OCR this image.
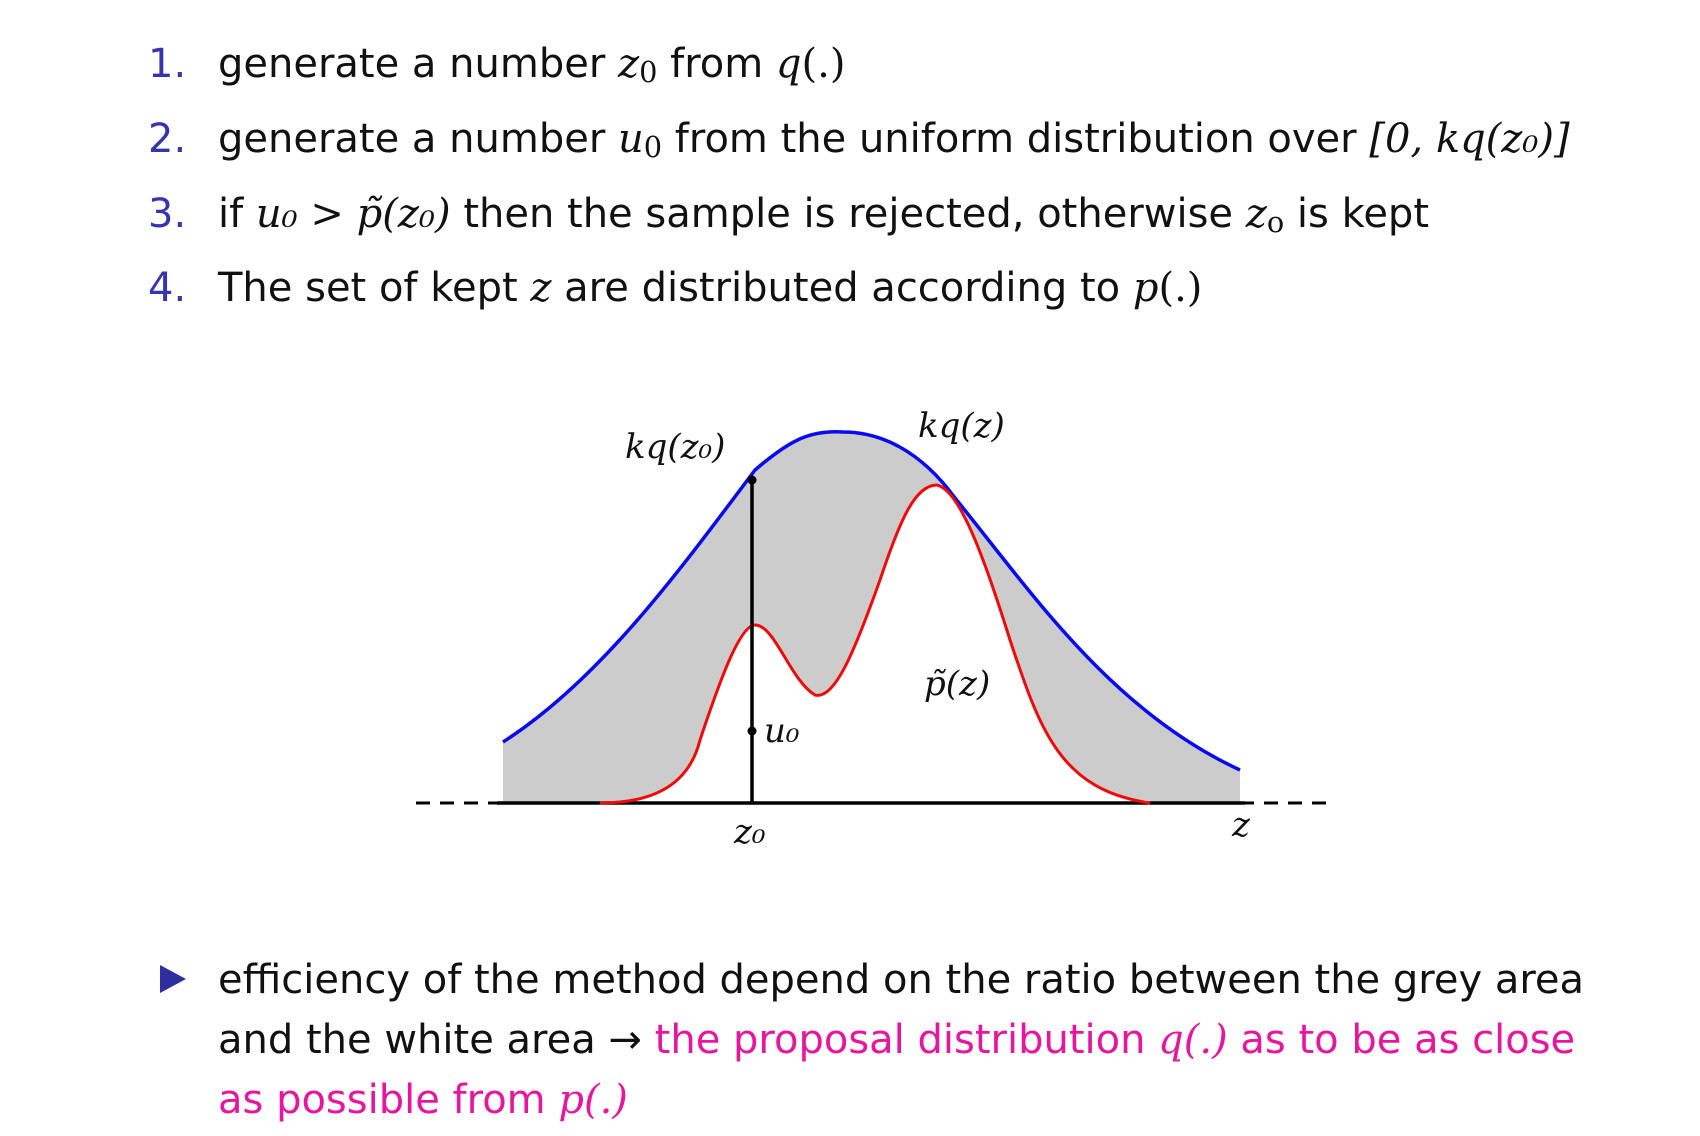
1. generate a number z0 from q(.)
2. generate a number u0 from the uniform distribution over [0, kq(z₀)]
3. if u₀ > p̃(z₀) then the sample is rejected, otherwise zo is kept
4. The set of kept z are distributed according to p(.)
kq(z₀)
kq(z)
p̃(z)
u₀
z₀	z
efficiency of the method depend on the ratio between the grey area and the white area → the proposal distribution q(.) as to be as close as possible from p(.)
